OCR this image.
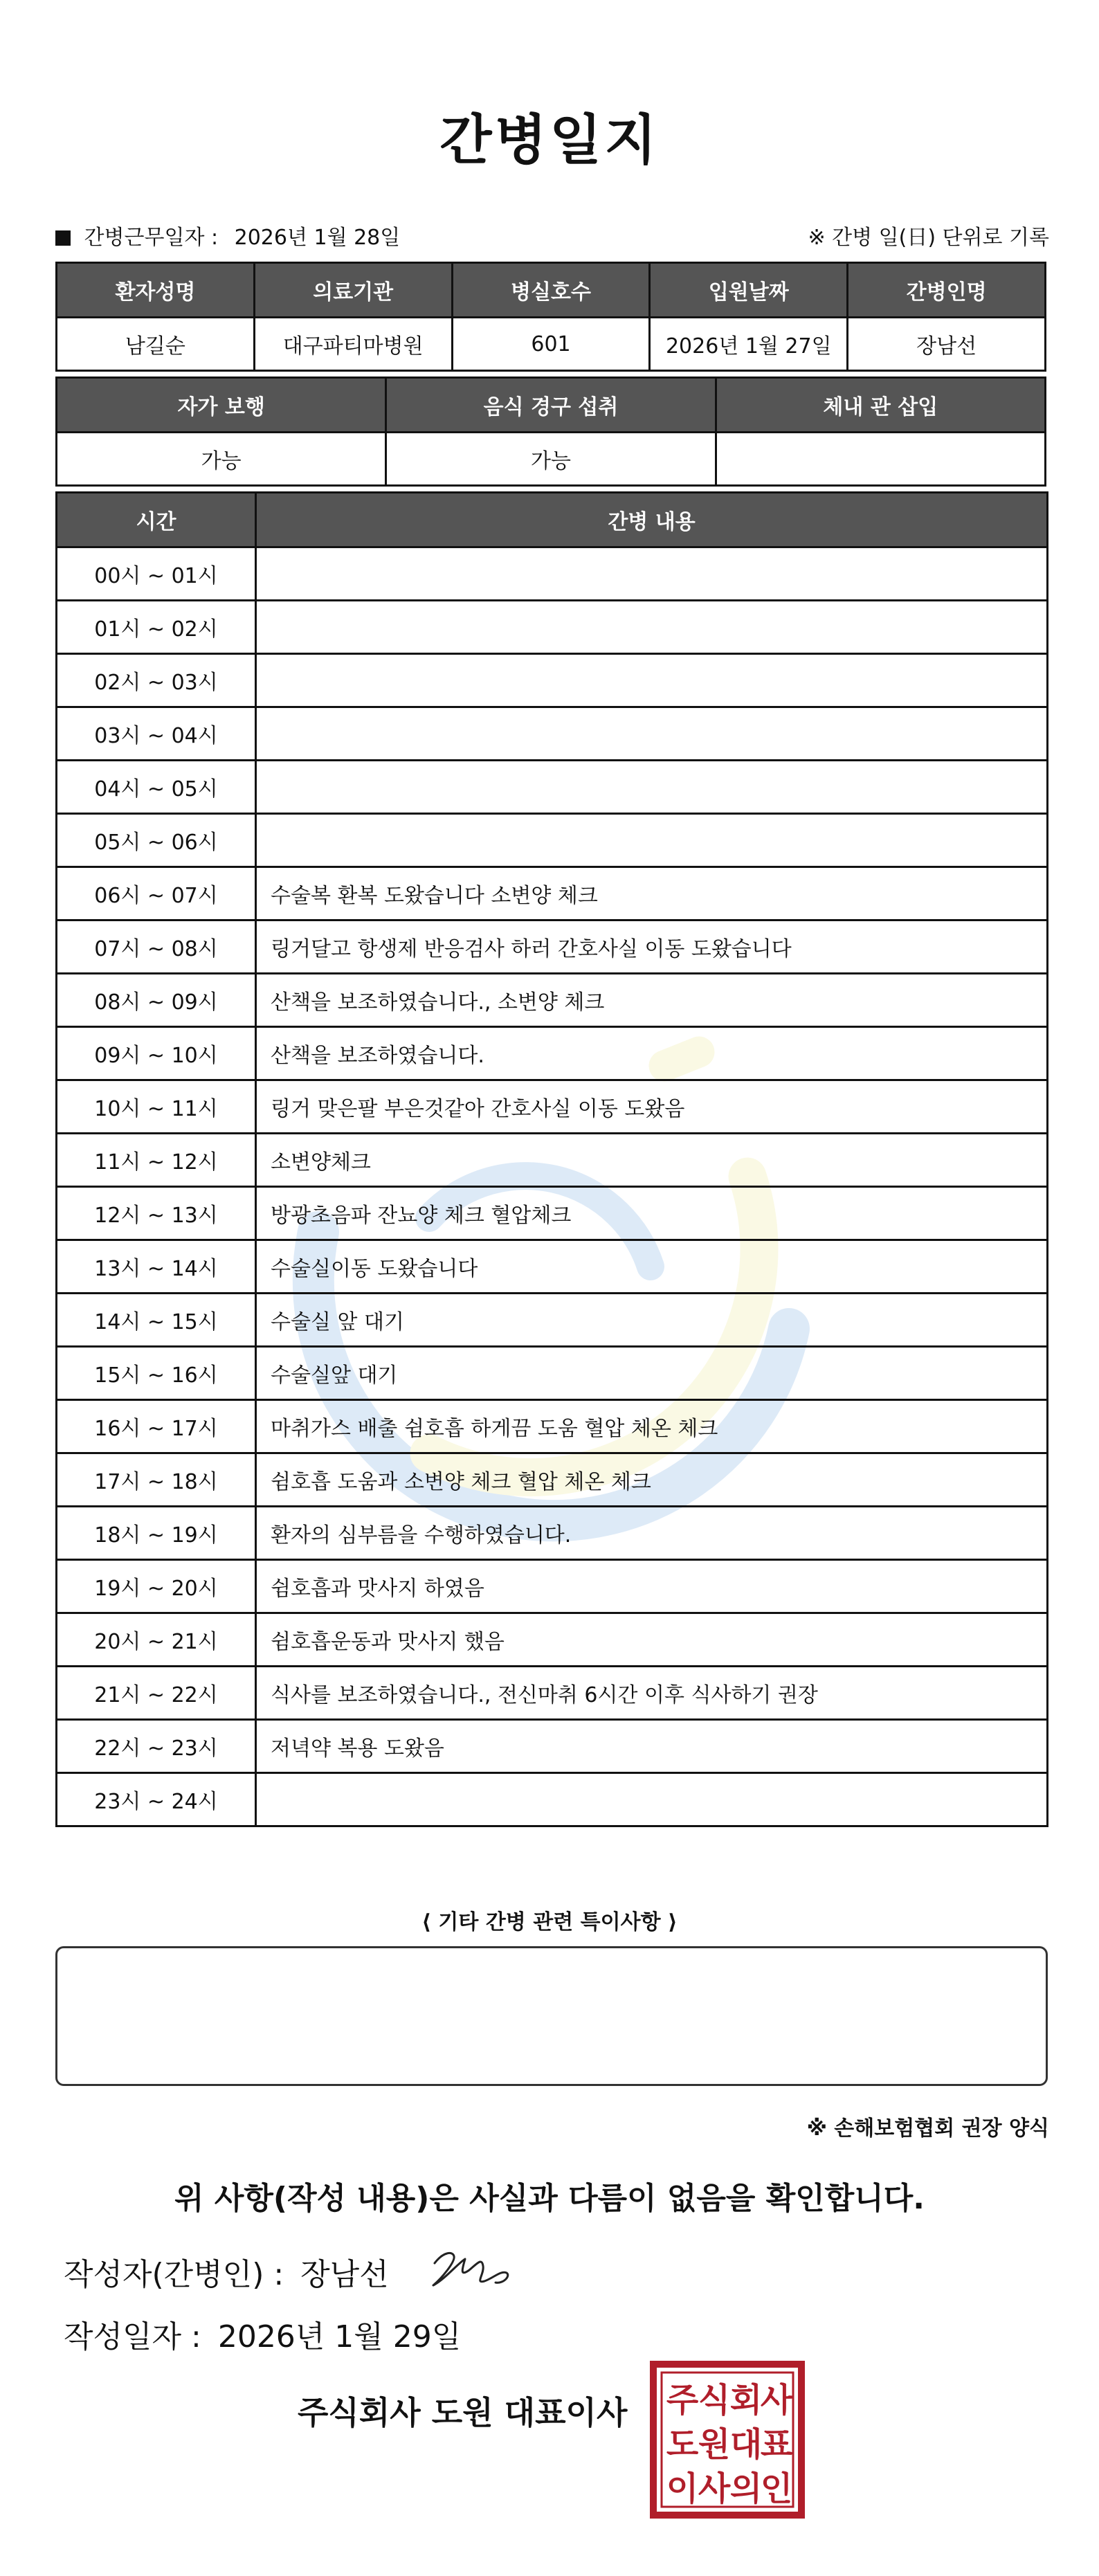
간병일지
간병근무일자 : 2026년 1월 28일	※ 간병 일(日) 단위로 기록
환자성명	의료기관	병실호수	입원날짜	간병인명
남길순	대구파티마병원	601	2026년 1월 27일	장남선
자가 보행	음식 경구 섭취	체내 관 삽입
가능	가능	
시간	간병 내용
00시 ~ 01시	
01시 ~ 02시	
02시 ~ 03시	
03시 ~ 04시	
04시 ~ 05시	
05시 ~ 06시	
06시 ~ 07시	수술복 환복 도왔습니다 소변양 체크
07시 ~ 08시	링거달고 항생제 반응검사 하러 간호사실 이동 도왔습니다
08시 ~ 09시	산책을 보조하였습니다., 소변양 체크
09시 ~ 10시	산책을 보조하였습니다.
10시 ~ 11시	링거 맞은팔 부은것같아 간호사실 이동 도왔음
11시 ~ 12시	소변양체크
12시 ~ 13시	방광초음파 잔뇨양 체크 혈압체크
13시 ~ 14시	수술실이동 도왔습니다
14시 ~ 15시	수술실 앞 대기
15시 ~ 16시	수술실앞 대기
16시 ~ 17시	마취가스 배출 쉼호흡 하게끔 도움 혈압 체온 체크
17시 ~ 18시	쉼호흡 도움과 소변양 체크 혈압 체온 체크
18시 ~ 19시	환자의 심부름을 수행하였습니다.
19시 ~ 20시	쉼호흡과 맛사지 하였음
20시 ~ 21시	쉼호흡운동과 맛사지 했음
21시 ~ 22시	식사를 보조하였습니다., 전신마취 6시간 이후 식사하기 권장
22시 ~ 23시	저녁약 복용 도왔음
23시 ~ 24시	
⟨ 기타 간병 관련 특이사항 ⟩
※ 손해보험협회 권장 양식
위 사항(작성 내용)은 사실과 다름이 없음을 확인합니다.
작성자(간병인) : 장남선
작성일자 : 2026년 1월 29일
주식회사 도원 대표이사 주 식 회
사
도 원 대
표
이 사 의
인
